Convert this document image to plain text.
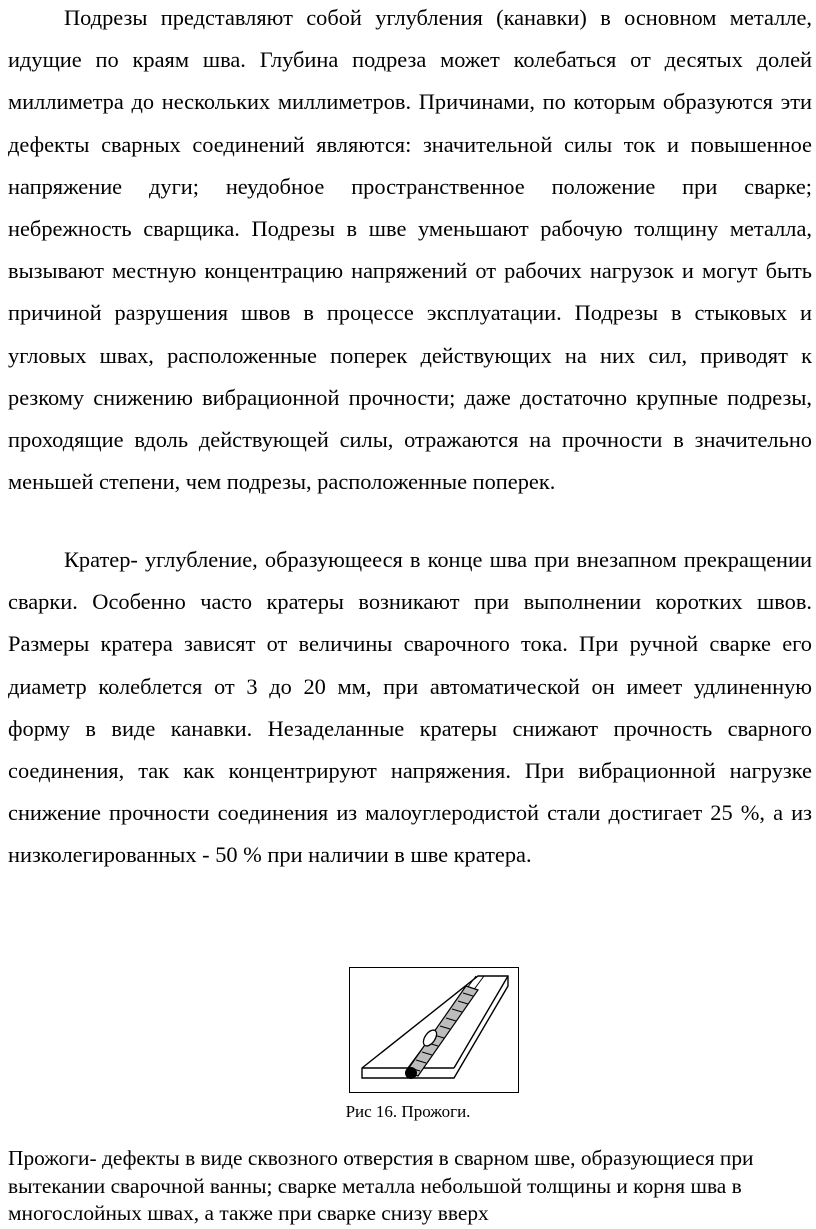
Подрезы представляют собой углубления (канавки) в основном металле, идущие по краям шва. Глубина подреза может колебаться от десятых долей миллиметра до нескольких миллиметров. Причинами, по которым образуются эти дефекты сварных соединений являются: значительной силы ток и повышенное напряжение дуги; неудобное пространственное положение при сварке; небрежность сварщика. Подрезы в шве уменьшают рабочую толщину металла, вызывают местную концентрацию напряжений от рабочих нагрузок и могут быть причиной разрушения швов в процессе эксплуатации. Подрезы в стыковых и угловых швах, расположенные поперек действующих на них сил, приводят к резкому снижению вибрационной прочности; даже достаточно крупные подрезы, проходящие вдоль действующей силы, отражаются на прочности в значительно меньшей степени, чем подрезы, расположенные поперек.

Кратер- углубление, образующееся в конце шва при внезапном прекращении сварки. Особенно часто кратеры возникают при выполнении коротких швов. Размеры кратера зависят от величины сварочного тока. При ручной сварке его диаметр колеблется от 3 до 20 мм, при автоматической он имеет удлиненную форму в виде канавки. Незаделанные кратеры снижают прочность сварного соединения, так как концентрируют напряжения. При вибрационной нагрузке снижение прочности соединения из малоуглеродистой стали достигает 25 %, а из низколегированных - 50 % при наличии в шве кратера.

Рис 16. Прожоги.

Прожоги- дефекты в виде сквозного отверстия в сварном шве, образующиеся при вытекании сварочной ванны; сварке металла небольшой толщины и корня шва в многослойных швах, а также при сварке снизу вверх
